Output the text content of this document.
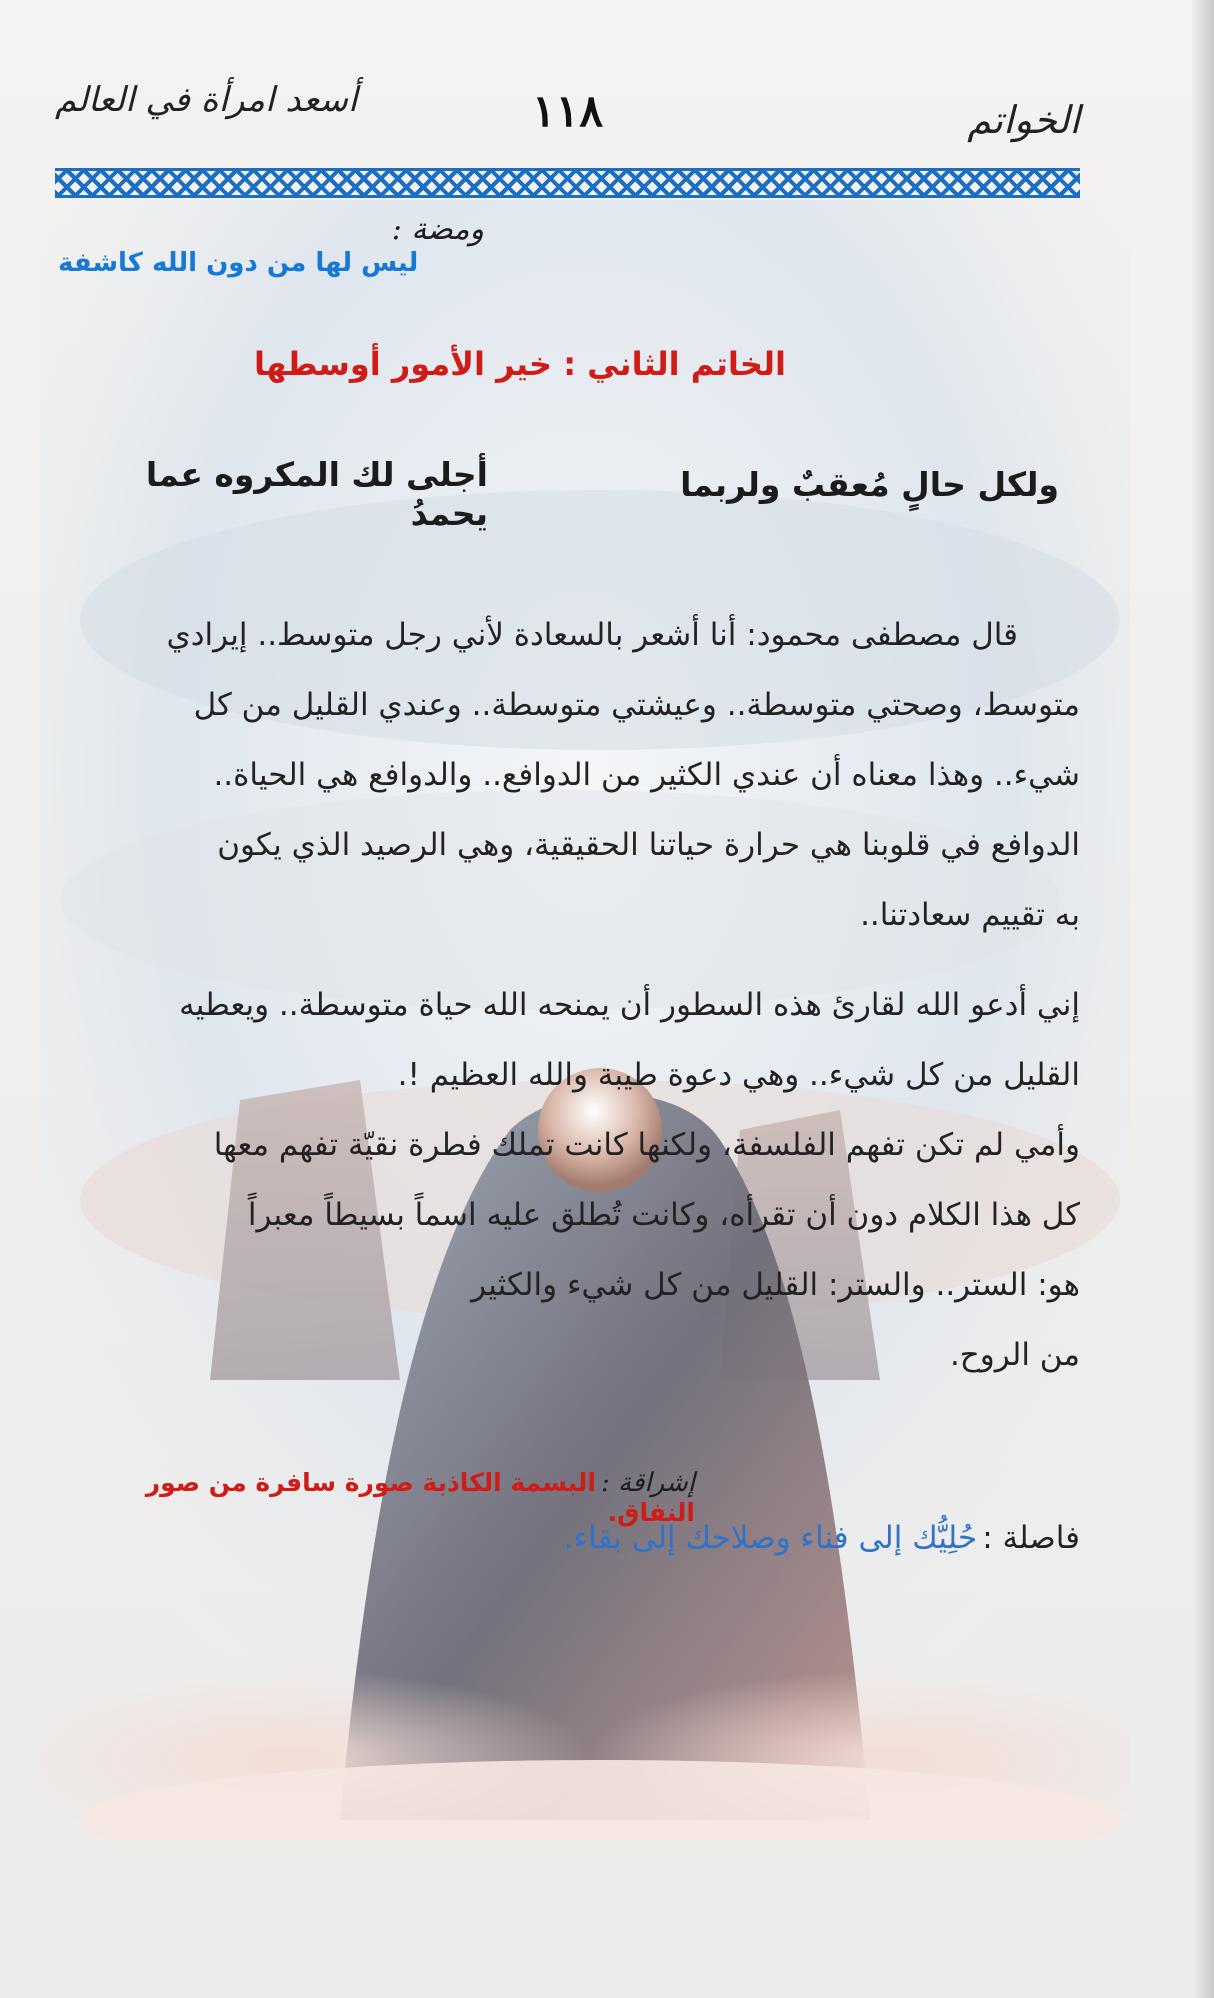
الخواتم
١١٨
أسعد امرأة في العالم
ومضة :
ليس لها من دون الله كاشفة
الخاتم الثاني : خير الأمور أوسطها
ولكل حالٍ مُعقبٌ ولربما
أجلى لك المكروه عما يحمدُ
قال مصطفى محمود: أنا أشعر بالسعادة لأني رجل متوسط.. إيرادي
متوسط، وصحتي متوسطة.. وعيشتي متوسطة.. وعندي القليل من كل
شيء.. وهذا معناه أن عندي الكثير من الدوافع.. والدوافع هي الحياة..
الدوافع في قلوبنا هي حرارة حياتنا الحقيقية، وهي الرصيد الذي يكون
به تقييم سعادتنا..
إني أدعو الله لقارئ هذه السطور أن يمنحه الله حياة متوسطة.. ويعطيه
القليل من كل شيء.. وهي دعوة طيبة والله العظيم !.
وأمي لم تكن تفهم الفلسفة، ولكنها كانت تملك فطرة نقيّة تفهم معها
كل هذا الكلام دون أن تقرأه، وكانت تُطلق عليه اسماً بسيطاً معبراً
هو: الستر.. والستر: القليل من كل شيء والكثير
من الروح.
إشراقة : البسمة الكاذبة صورة سافرة من صور النفاق.
فاصلة : حُلِيُّك إلى فناء وصلاحك إلى بقاء.
